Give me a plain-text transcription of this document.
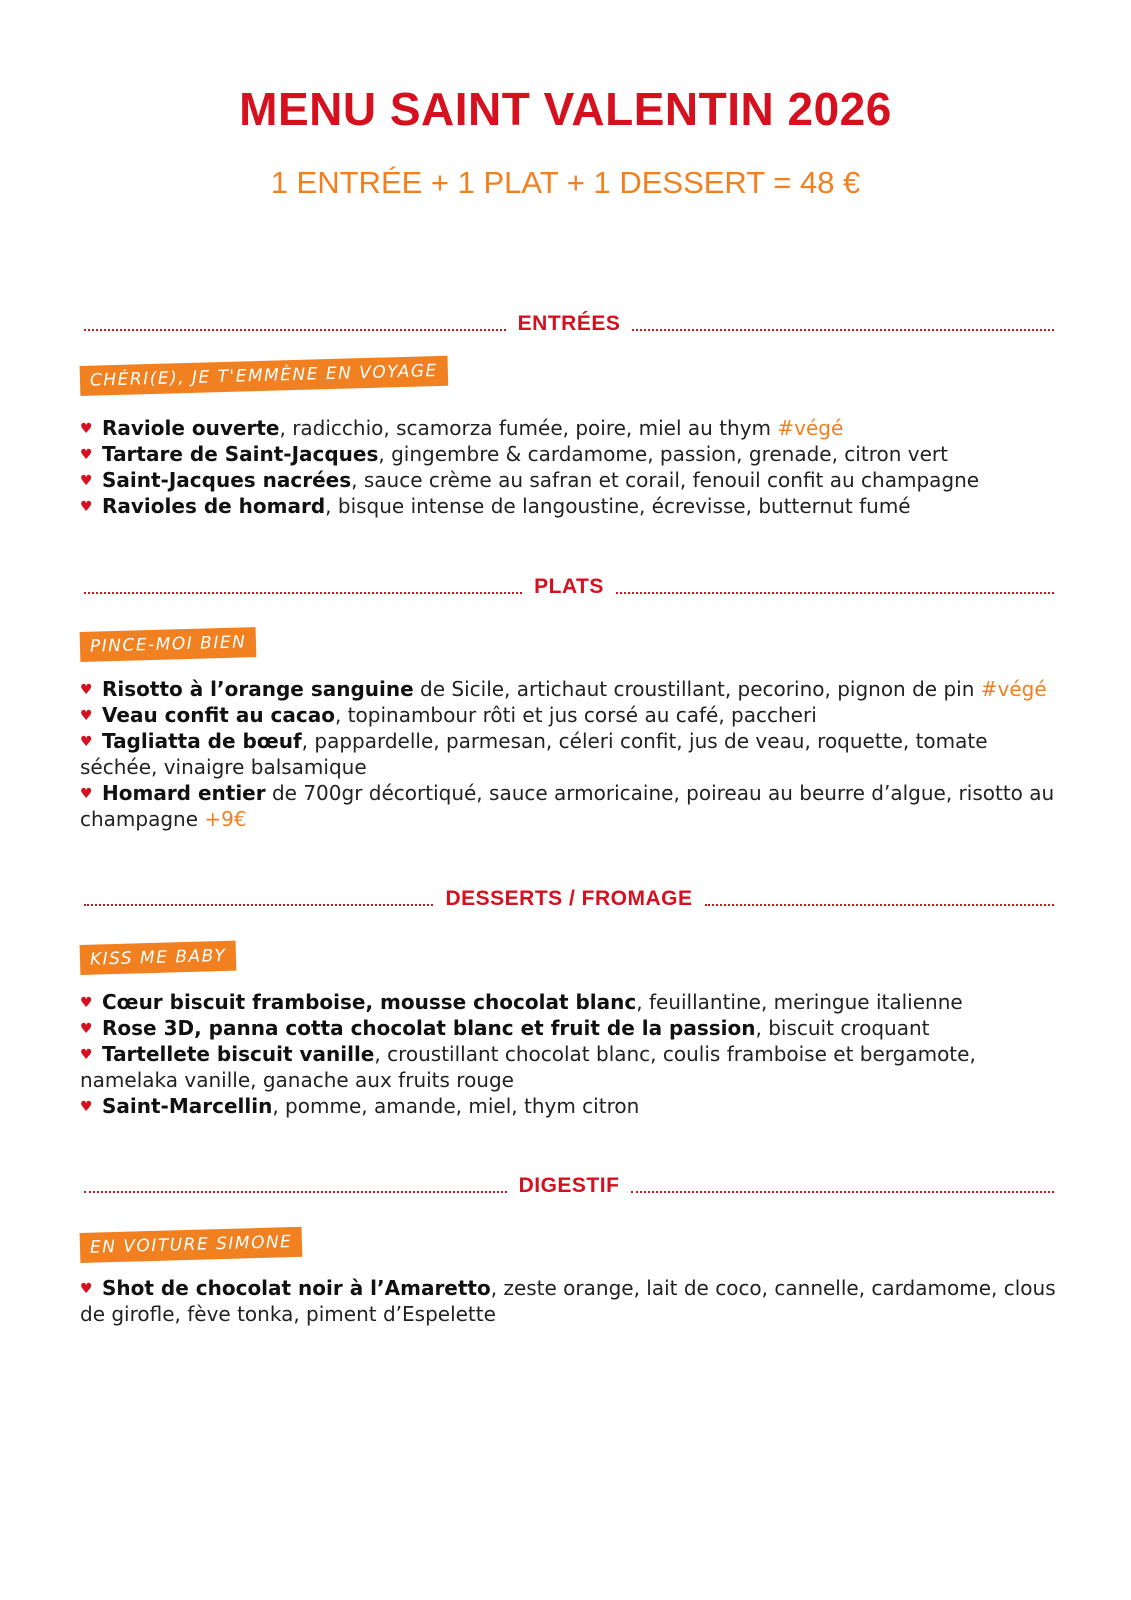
MENU SAINT VALENTIN 2026
1 ENTRÉE + 1 PLAT + 1 DESSERT = 48 €
ENTRÉES
CHÉRI(E), JE T'EMMÈNE EN VOYAGE
♥ Raviole ouverte, radicchio, scamorza fumée, poire, miel au thym #végé
♥ Tartare de Saint-Jacques, gingembre & cardamome, passion, grenade, citron vert
♥ Saint-Jacques nacrées, sauce crème au safran et corail, fenouil confit au champagne
♥ Ravioles de homard, bisque intense de langoustine, écrevisse, butternut fumé
PLATS
PINCE-MOI BIEN
♥ Risotto à l’orange sanguine de Sicile, artichaut croustillant, pecorino, pignon de pin #végé
♥ Veau confit au cacao, topinambour rôti et jus corsé au café, paccheri
♥ Tagliatta de bœuf, pappardelle, parmesan, céleri confit, jus de veau, roquette, tomate séchée, vinaigre balsamique
♥ Homard entier de 700gr décortiqué, sauce armoricaine, poireau au beurre d’algue, risotto au champagne +9€
DESSERTS / FROMAGE
KISS ME BABY
♥ Cœur biscuit framboise, mousse chocolat blanc, feuillantine, meringue italienne
♥ Rose 3D, panna cotta chocolat blanc et fruit de la passion, biscuit croquant
♥ Tartellete biscuit vanille, croustillant chocolat blanc, coulis framboise et bergamote, namelaka vanille, ganache aux fruits rouge
♥ Saint-Marcellin, pomme, amande, miel, thym citron
DIGESTIF
EN VOITURE SIMONE
♥ Shot de chocolat noir à l’Amaretto, zeste orange, lait de coco, cannelle, cardamome, clous de girofle, fève tonka, piment d’Espelette
